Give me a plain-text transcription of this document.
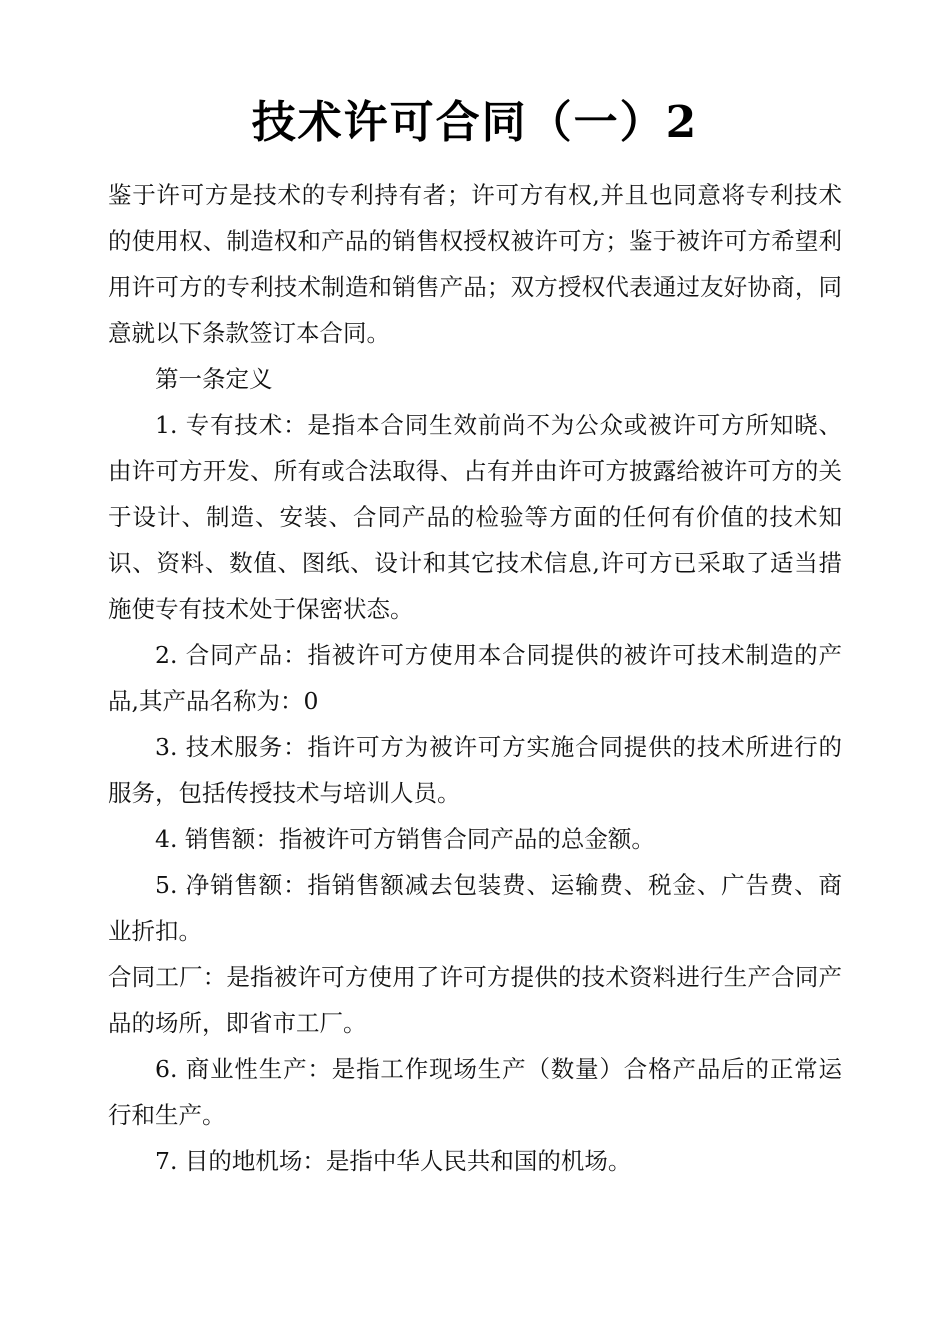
技术许可合同（一）2

鉴于许可方是技术的专利持有者；许可方有权,并且也同意将专利技术的使用权、制造权和产品的销售权授权被许可方；鉴于被许可方希望利用许可方的专利技术制造和销售产品；双方授权代表通过友好协商，同意就以下条款签订本合同。

第一条定义

1. 专有技术：是指本合同生效前尚不为公众或被许可方所知晓、由许可方开发、所有或合法取得、占有并由许可方披露给被许可方的关于设计、制造、安装、合同产品的检验等方面的任何有价值的技术知识、资料、数值、图纸、设计和其它技术信息,许可方已采取了适当措施使专有技术处于保密状态。

2. 合同产品：指被许可方使用本合同提供的被许可技术制造的产品,其产品名称为：0

3. 技术服务：指许可方为被许可方实施合同提供的技术所进行的服务，包括传授技术与培训人员。

4. 销售额：指被许可方销售合同产品的总金额。

5. 净销售额：指销售额减去包装费、运输费、税金、广告费、商业折扣。

合同工厂：是指被许可方使用了许可方提供的技术资料进行生产合同产品的场所，即省市工厂。

6. 商业性生产：是指工作现场生产（数量）合格产品后的正常运行和生产。

7. 目的地机场：是指中华人民共和国的机场。
